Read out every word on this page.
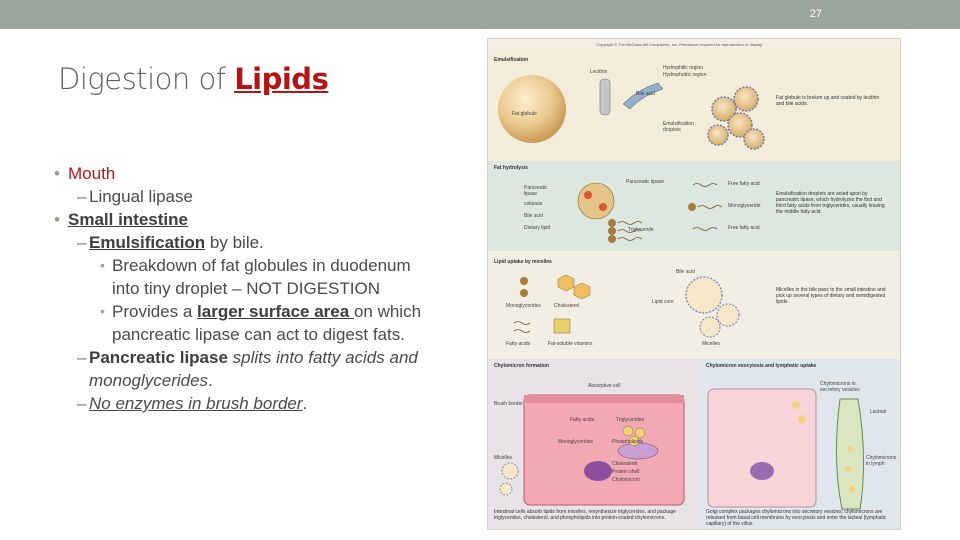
27
Digestion of Lipids
• Mouth
– Lingual lipase
• Small intestine
– Emulsification by bile.
• Breakdown of fat globules in duodenum
into tiny droplet – NOT DIGESTION
• Provides a larger surface area on which
pancreatic lipase can act to digest fats.
– Pancreatic lipase splits into fatty acids and
monoglycerides.
– No enzymes in brush border.
Copyright © The McGraw-Hill Companies, Inc. Permission required for reproduction or display.
Emulsification
Fat globule
Lecithin
Hydrophilic region
Hydrophobic region
Bile acid
Emulsification droplets
Fat globule is broken up and coated by lecithin and bile acids.
Fat hydrolysis
Pancreatic lipase
colipase
Bile acid
Dietary lipid
Pancreatic lipase
Triglyceride
Free fatty acid
Monoglyceride
Free fatty acid
Emulsification droplets are acted upon by pancreatic lipase, which hydrolyzes the first and third fatty acids from triglycerides, usually leaving the middle fatty acid.
Lipid uptake by micelles
Monoglycerides	Cholesterol
Fatty acids	Fat-soluble vitamins
Bile acid
Lipid core
Micelles
Micelles in the bile pass to the small intestine and pick up several types of dietary and semidigested lipids.
Chylomicron formation
Absorptive cell
Brush border
Fatty acids	Triglycerides
Monoglycerides	Phospholipids
Micelles
Cholesterol
Protein shell
Chylomicron
Intestinal cells absorb lipids from micelles, resynthesize triglycerides, and package triglycerides, cholesterol, and phospholipids into protein-coated chylomicrons.
Chylomicron exocytosis and lymphatic uptake
Chylomicrons in secretory vesicles
Lacteal
Chylomicrons in lymph
Golgi complex packages chylomicrons into secretory vesicles; chylomicrons are released from basal cell membrane by exocytosis and enter the lacteal (lymphatic capillary) of the villus.
